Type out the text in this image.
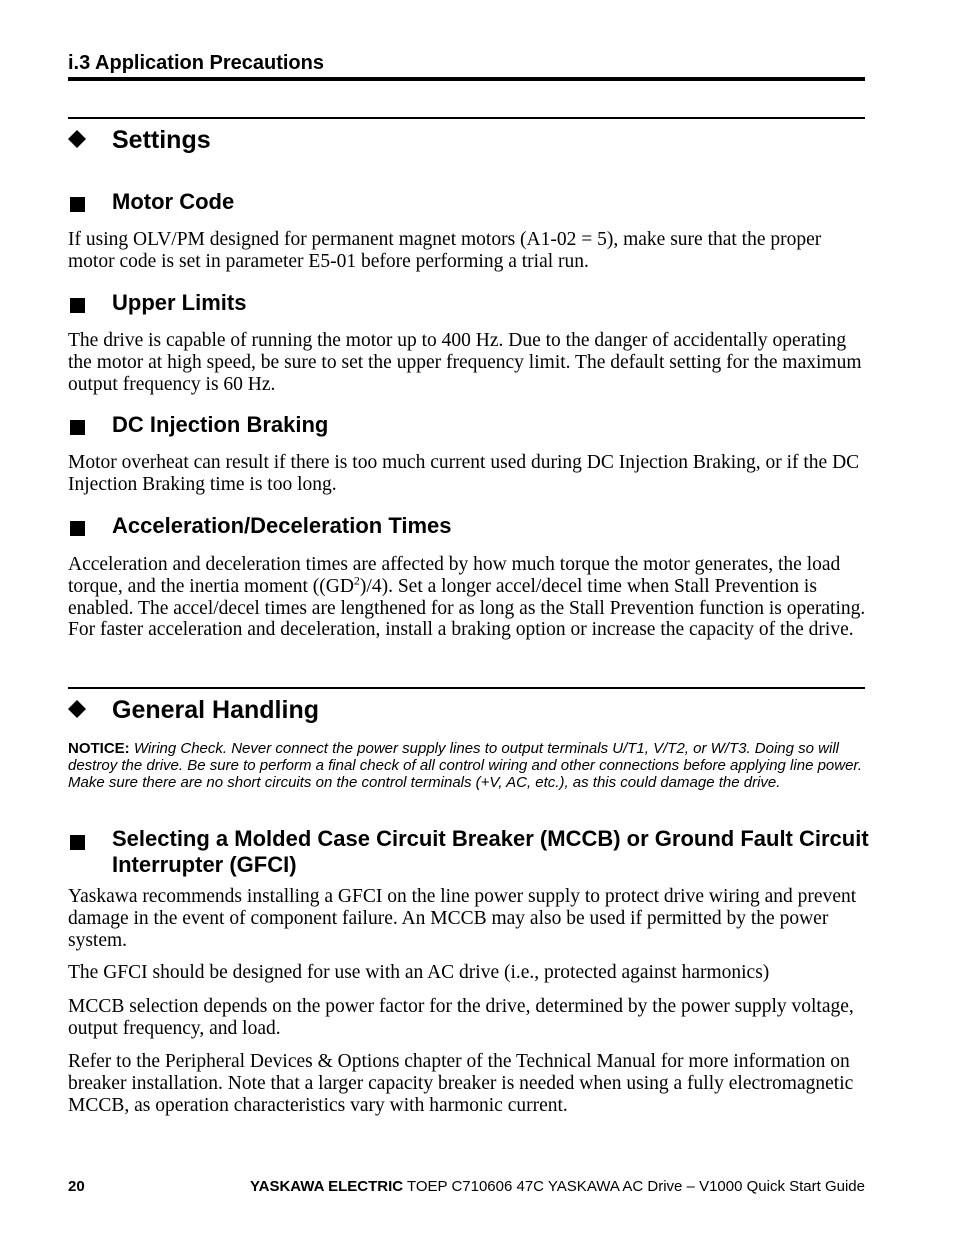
i.3 Application Precautions
Settings
Motor Code
If using OLV/PM designed for permanent magnet motors (A1-02 = 5), make sure that the proper motor code is set in parameter E5-01 before performing a trial run.
Upper Limits
The drive is capable of running the motor up to 400 Hz. Due to the danger of accidentally operating the motor at high speed, be sure to set the upper frequency limit. The default setting for the maximum output frequency is 60 Hz.
DC Injection Braking
Motor overheat can result if there is too much current used during DC Injection Braking, or if the DC Injection Braking time is too long.
Acceleration/Deceleration Times
Acceleration and deceleration times are affected by how much torque the motor generates, the load torque, and the inertia moment $((GD^2)/4)$. Set a longer accel/decel time when Stall Prevention is enabled. The accel/decel times are lengthened for as long as the Stall Prevention function is operating. For faster acceleration and deceleration, install a braking option or increase the capacity of the drive.
General Handling
NOTICE: Wiring Check. Never connect the power supply lines to output terminals U/T1, V/T2, or W/T3. Doing so will destroy the drive. Be sure to perform a final check of all control wiring and other connections before applying line power. Make sure there are no short circuits on the control terminals (+V, AC, etc.), as this could damage the drive.
Selecting a Molded Case Circuit Breaker (MCCB) or Ground Fault Circuit Interrupter (GFCI)
Yaskawa recommends installing a GFCI on the line power supply to protect drive wiring and prevent damage in the event of component failure. An MCCB may also be used if permitted by the power system.
The GFCI should be designed for use with an AC drive (i.e., protected against harmonics)
MCCB selection depends on the power factor for the drive, determined by the power supply voltage, output frequency, and load.
Refer to the Peripheral Devices & Options chapter of the Technical Manual for more information on breaker installation. Note that a larger capacity breaker is needed when using a fully electromagnetic MCCB, as operation characteristics vary with harmonic current.
20	YASKAWA ELECTRIC TOEP C710606 47C YASKAWA AC Drive – V1000 Quick Start Guide
